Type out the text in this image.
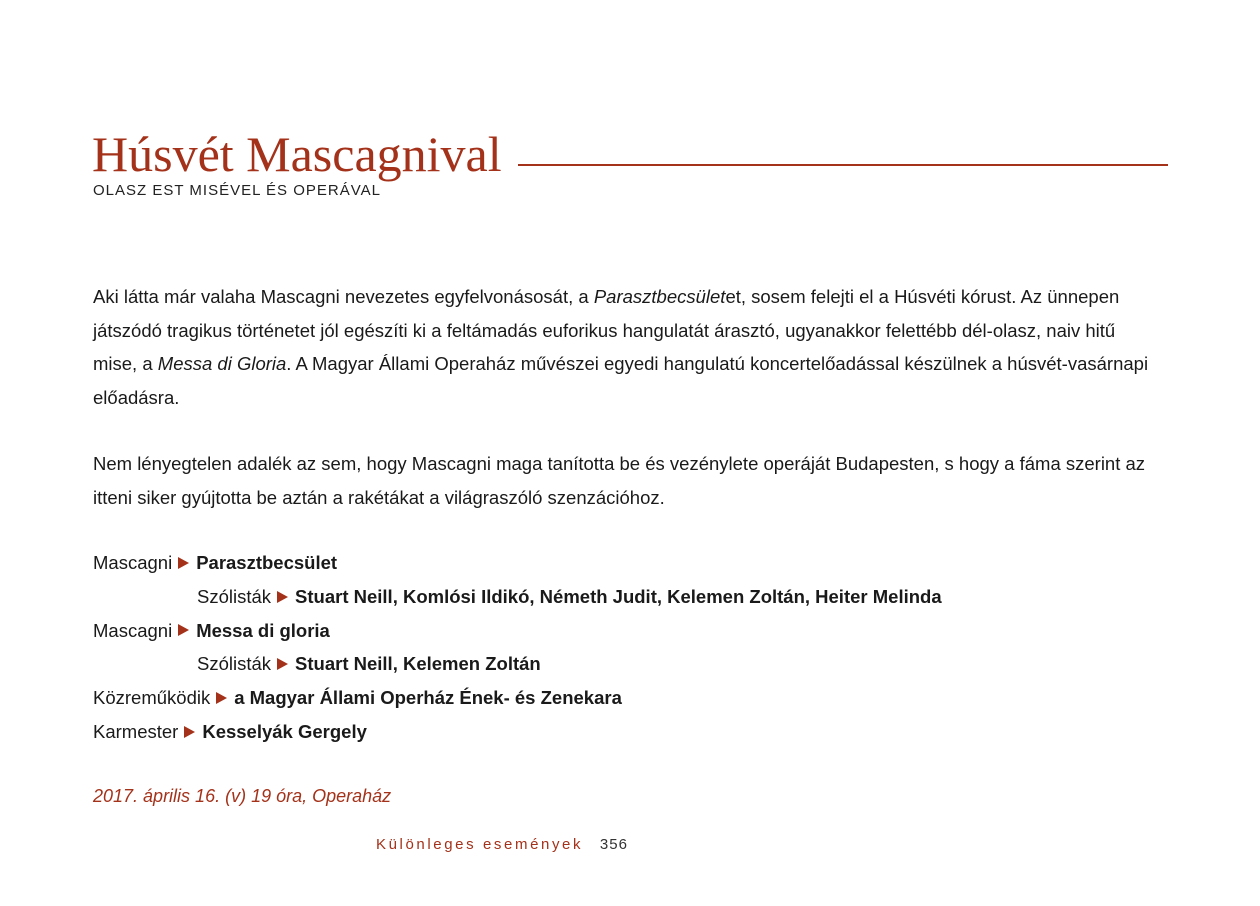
Húsvét Mascagnival
OLASZ EST MISÉVEL ÉS OPERÁVAL

Aki látta már valaha Mascagni nevezetes egyfelvonásosát, a Parasztbecsületet, sosem felejti el a Húsvéti kórust. Az ünnepen játszódó tragikus történetet jól egészíti ki a feltámadás euforikus hangulatát árasztó, ugyanakkor felettébb dél-olasz, naiv hitű mise, a Messa di Gloria. A Magyar Állami Operaház művészei egyedi hangulatú koncertelőadással készülnek a húsvét-vasárnapi előadásra.

Nem lényegtelen adalék az sem, hogy Mascagni maga tanította be és vezénylete operáját Budapesten, s hogy a fáma szerint az itteni siker gyújtotta be aztán a rakétákat a világraszóló szenzációhoz.

Mascagni Parasztbecsület
Szólisták Stuart Neill, Komlósi Ildikó, Németh Judit, Kelemen Zoltán, Heiter Melinda
Mascagni Messa di gloria
Szólisták Stuart Neill, Kelemen Zoltán
Közreműködik a Magyar Állami Operház Ének- és Zenekara
Karmester Kesselyák Gergely
2017. április 16. (v) 19 óra, Operaház
Különleges események 356
